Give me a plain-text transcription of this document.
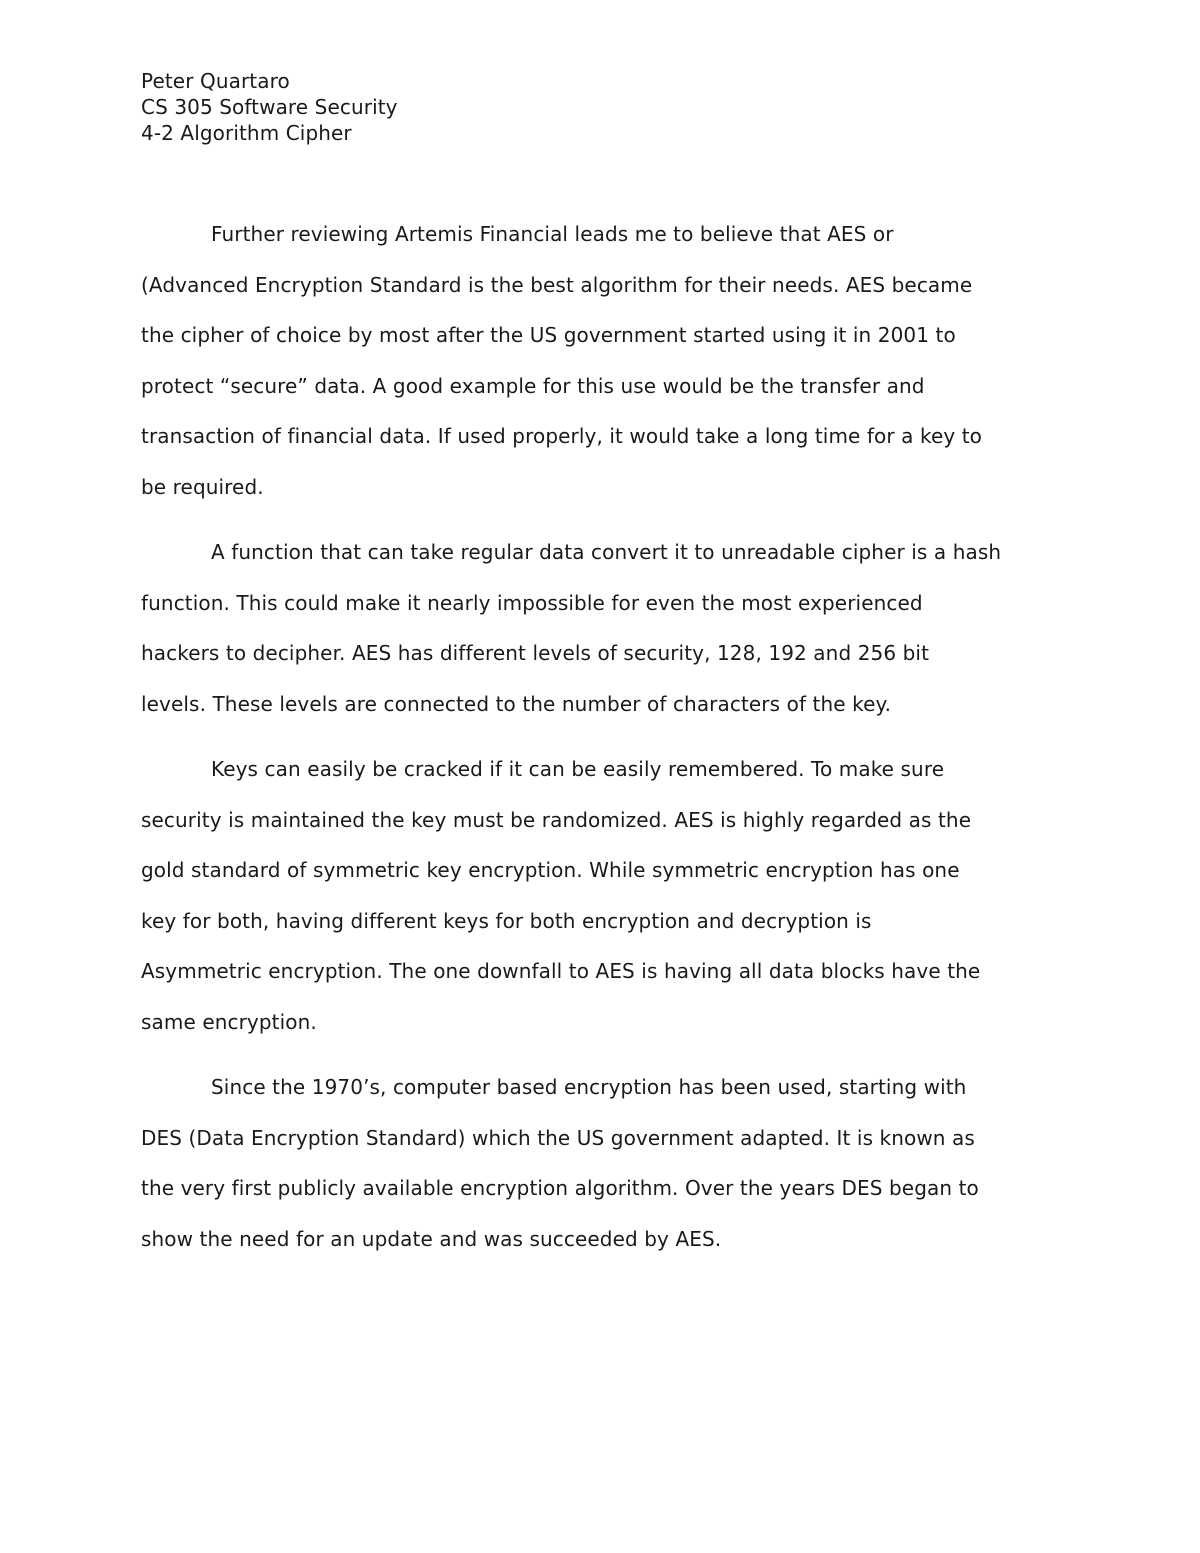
Peter Quartaro
CS 305 Software Security
4-2 Algorithm Cipher
Further reviewing Artemis Financial leads me to believe that AES or
(Advanced Encryption Standard is the best algorithm for their needs. AES became
the cipher of choice by most after the US government started using it in 2001 to
protect “secure” data. A good example for this use would be the transfer and
transaction of financial data. If used properly, it would take a long time for a key to
be required.
A function that can take regular data convert it to unreadable cipher is a hash
function. This could make it nearly impossible for even the most experienced
hackers to decipher. AES has different levels of security, 128, 192 and 256 bit
levels. These levels are connected to the number of characters of the key.
Keys can easily be cracked if it can be easily remembered. To make sure
security is maintained the key must be randomized. AES is highly regarded as the
gold standard of symmetric key encryption. While symmetric encryption has one
key for both, having different keys for both encryption and decryption is
Asymmetric encryption. The one downfall to AES is having all data blocks have the
same encryption.
Since the 1970’s, computer based encryption has been used, starting with
DES (Data Encryption Standard) which the US government adapted. It is known as
the very first publicly available encryption algorithm. Over the years DES began to
show the need for an update and was succeeded by AES.
